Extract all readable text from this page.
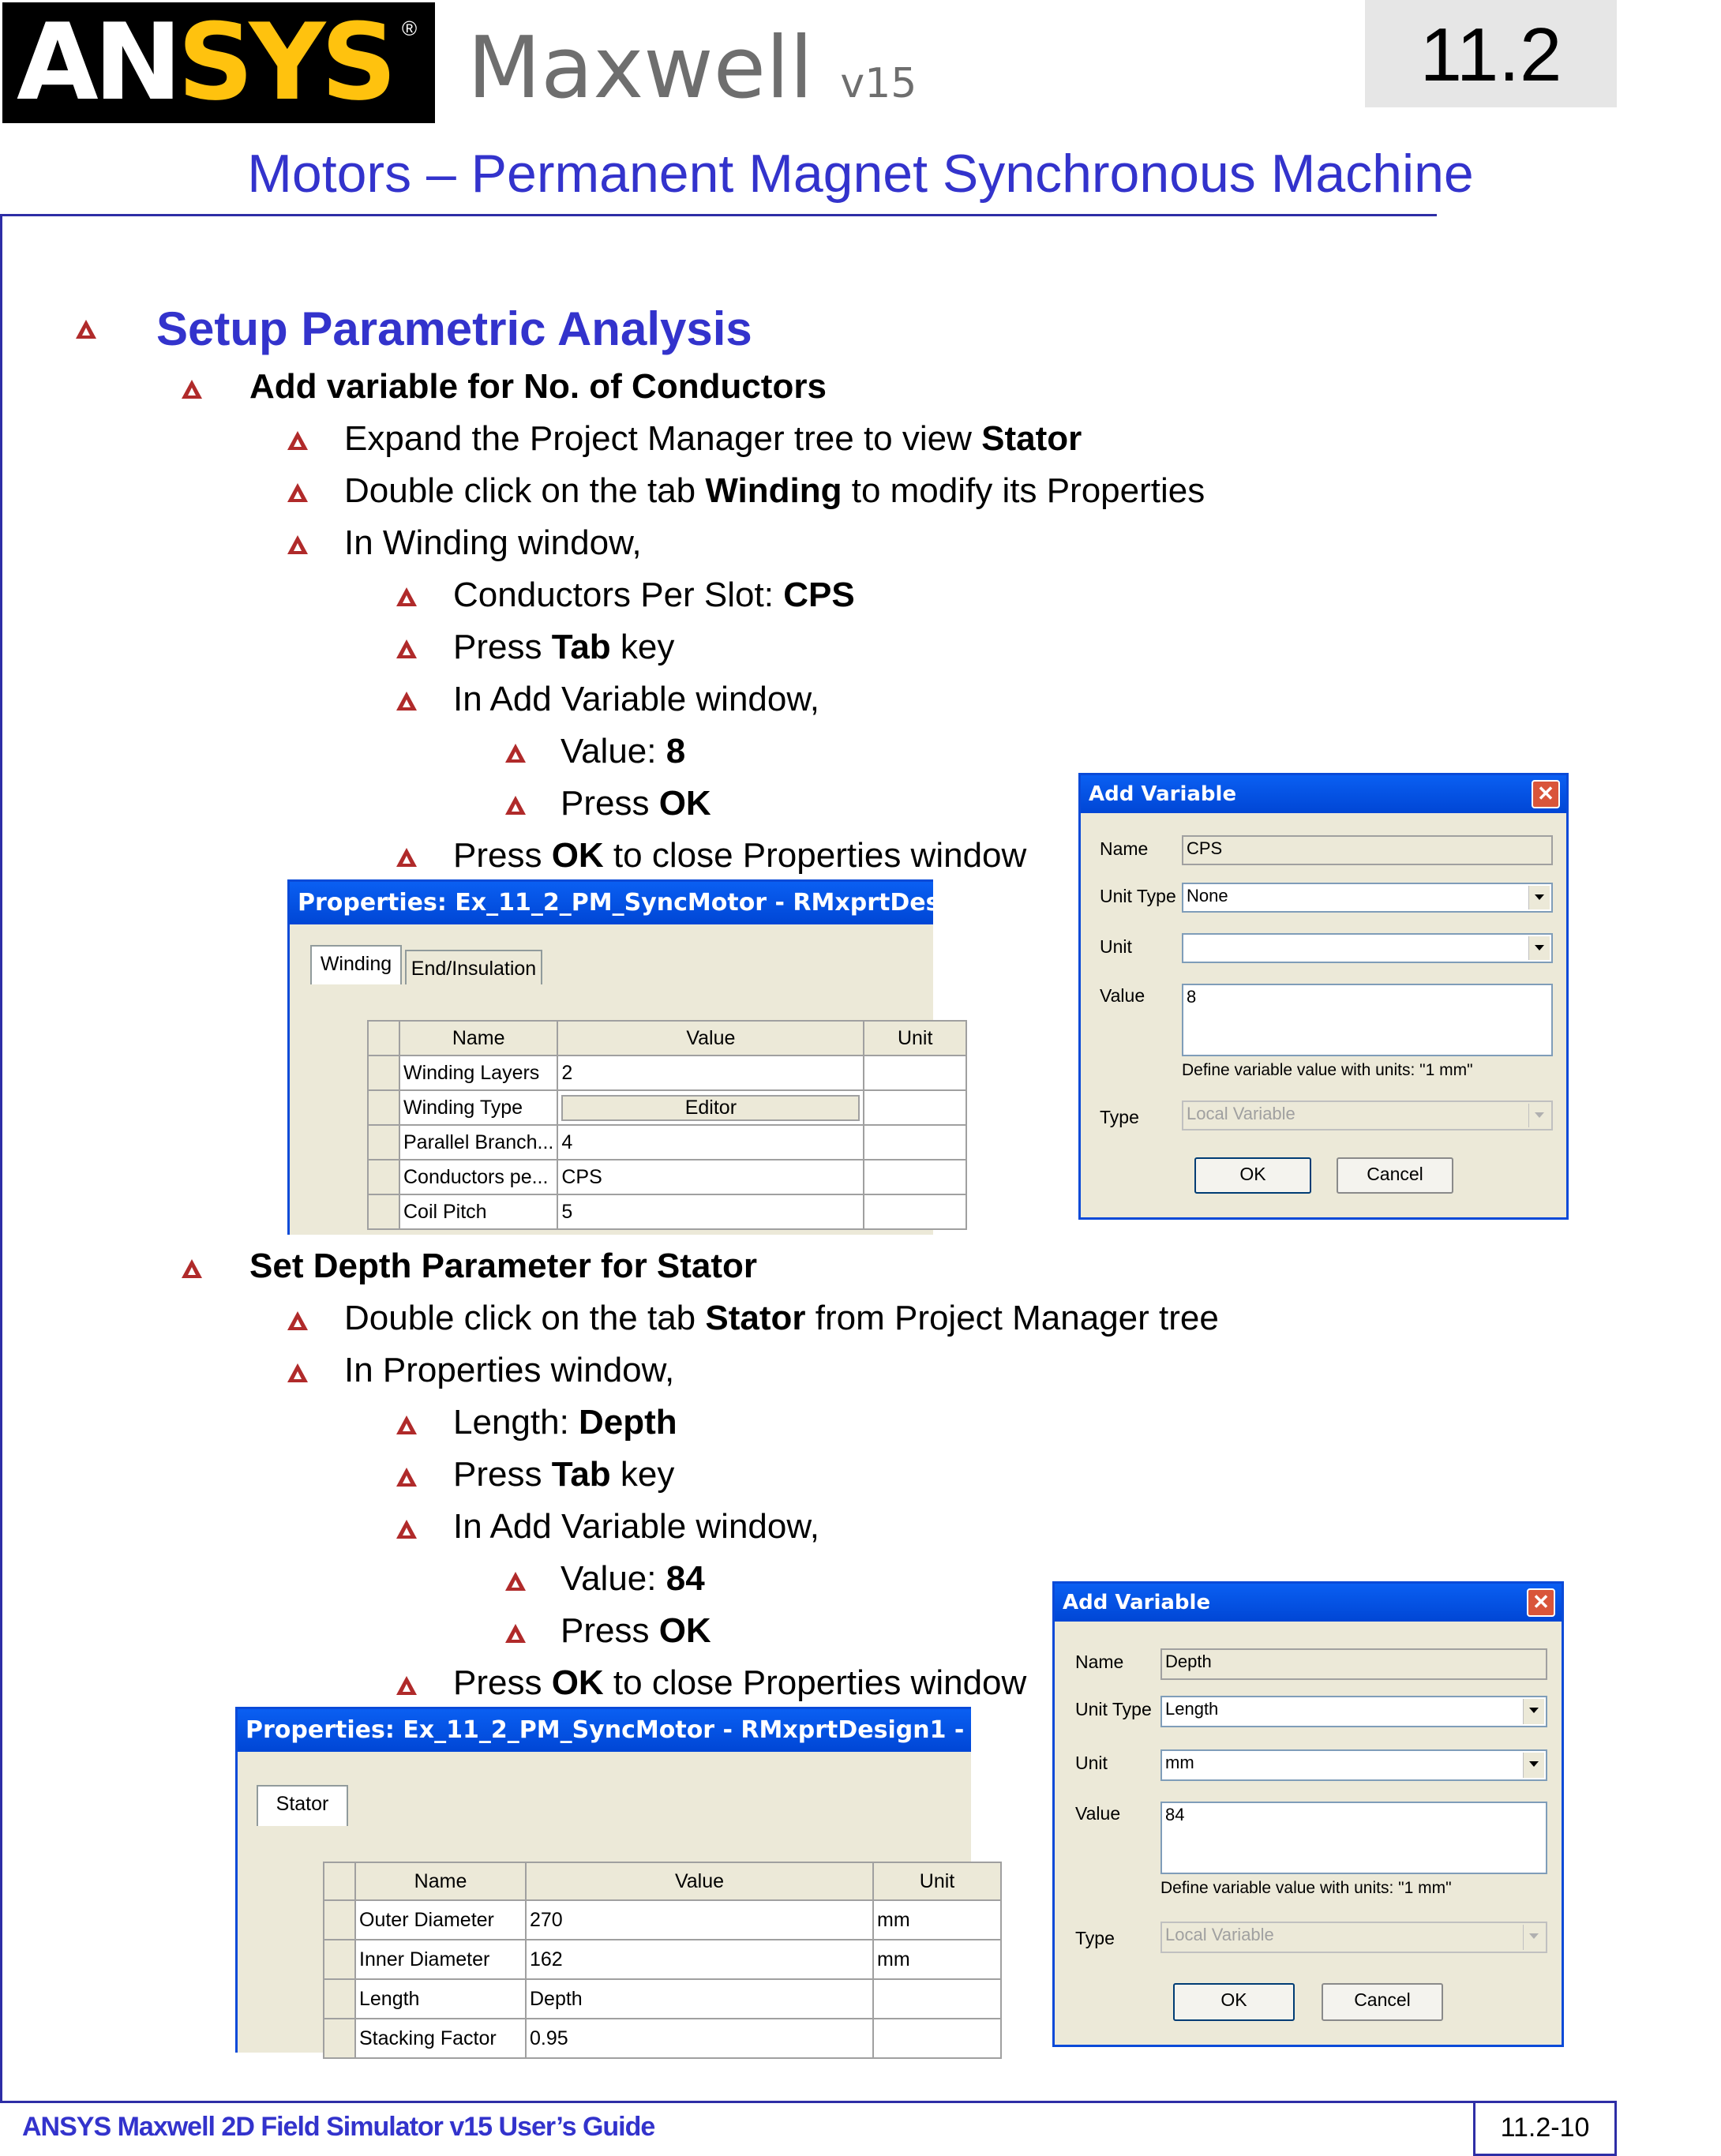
ANSYS ® Maxwell v15	11.2
Motors – Permanent Magnet Synchronous Machine
Setup Parametric Analysis
Add variable for No. of Conductors
Expand the Project Manager tree to view Stator
Double click on the tab Winding to modify its Properties
In Winding window,
Conductors Per Slot: CPS
Press Tab key
In Add Variable window,
Value: 8
Press OK
Press OK to close Properties window
Add Variable	✕
Name CPS
Unit Type None
Unit
Value 8
Define variable value with units: "1 mm"
Type	Local Variable
OK	Cancel
Properties: Ex_11_2_PM_SyncMotor - RMxprtDesign1 - M
Winding End/Insulation
	Name	Value	Unit
	Winding Layers	2	
	Winding Type	Editor	

	Parallel Branch...	4	
	Conductors pe...	CPS	
	Coil Pitch	5	
Set Depth Parameter for Stator
Double click on the tab Stator from Project Manager tree
In Properties window,
Length: Depth
Press Tab key
In Add Variable window,
Value: 84
Press OK
Press OK to close Properties window
Add Variable	✕
Name Depth
Unit Type Length
Unit	mm
Value	84
Define variable value with units: "1 mm"
Type	Local Variable
OK	Cancel
Properties: Ex_11_2_PM_SyncMotor - RMxprtDesign1 - Ma
Stator
	Name	Value	Unit
	Outer Diameter	270	mm
	Inner Diameter	162	mm
	Length	Depth	
	Stacking Factor	0.95	
ANSYS Maxwell 2D Field Simulator v15 User’s Guide	11.2-10
